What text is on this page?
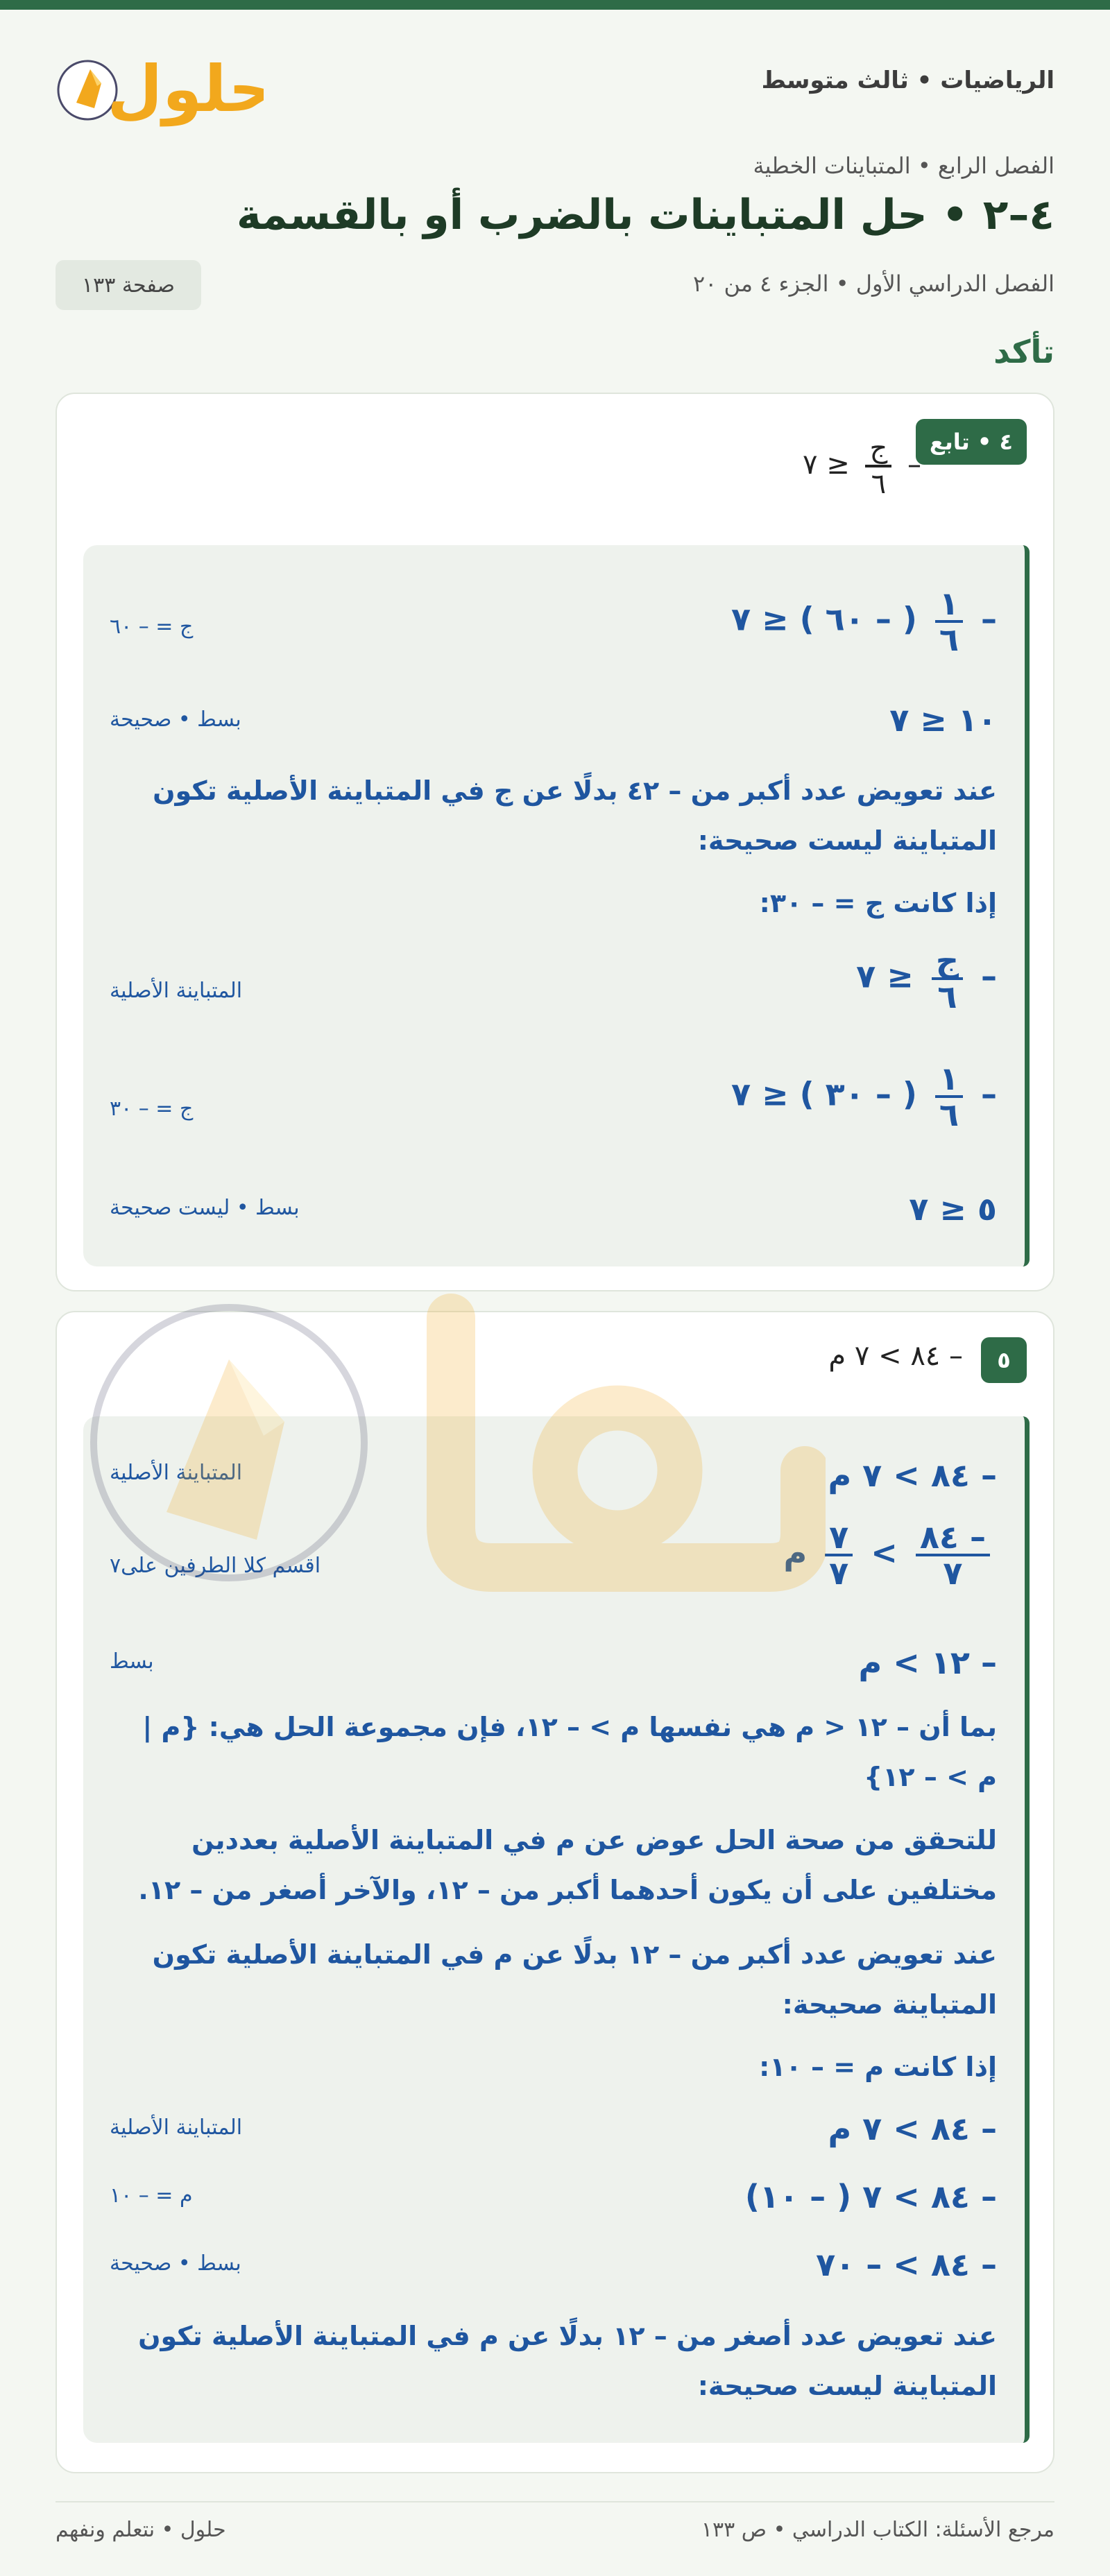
الرياضيات • ثالث متوسط
حلول
الفصل الرابع • المتباينات الخطية
٤–٢ • حل المتباينات بالضرب أو بالقسمة
الفصل الدراسي الأول • الجزء ٤ من ٢٠
صفحة ١٣٣
تأكد
٤ • تابع
–
$\frac{\text{ج}}{٦}$
≤ ٧
–
$\frac{١}{٦}$
( – ٦٠ ) ≤ ٧
ج = – ٦٠
١٠ ≤ ٧
بسط • صحيحة
عند تعويض عدد أكبر من – ٤٢ بدلًا عن ج في المتباينة الأصلية تكون المتباينة ليست صحيحة:
إذا كانت ج = – ٣٠:
–
$\frac{\text{ج}}{٦}$
≤ ٧
المتباينة الأصلية
–
$\frac{١}{٦}$
( – ٣٠ ) ≤ ٧
ج = – ٣٠
٥ ≤ ٧
بسط • ليست صحيحة
٥
– ٨٤ > ٧ م
– ٨٤ > ٧ م
المتباينة الأصلية
$\frac{- ٨٤}{٧}$
>
$\frac{٧}{٧}$
م
اقسم كلا الطرفين على٧
– ١٢ > م
بسط
بما أن – ١٢ < م هي نفسها م > – ١٢، فإن مجموعة الحل هي: {م | م > – ١٢}
للتحقق من صحة الحل عوض عن م في المتباينة الأصلية بعددين مختلفين على أن يكون أحدهما أكبر من – ١٢، والآخر أصغر من – ١٢.
عند تعويض عدد أكبر من – ١٢ بدلًا عن م في المتباينة الأصلية تكون المتباينة صحيحة:
إذا كانت م = – ١٠:
– ٨٤ > ٧ م
المتباينة الأصلية
– ٨٤ > ٧ ( – ١٠)
م = – ١٠
– ٨٤ > – ٧٠
بسط • صحيحة
عند تعويض عدد أصغر من – ١٢ بدلًا عن م في المتباينة الأصلية تكون المتباينة ليست صحيحة:
مرجع الأسئلة: الكتاب الدراسي • ص ١٣٣
حلول • نتعلم ونفهم
